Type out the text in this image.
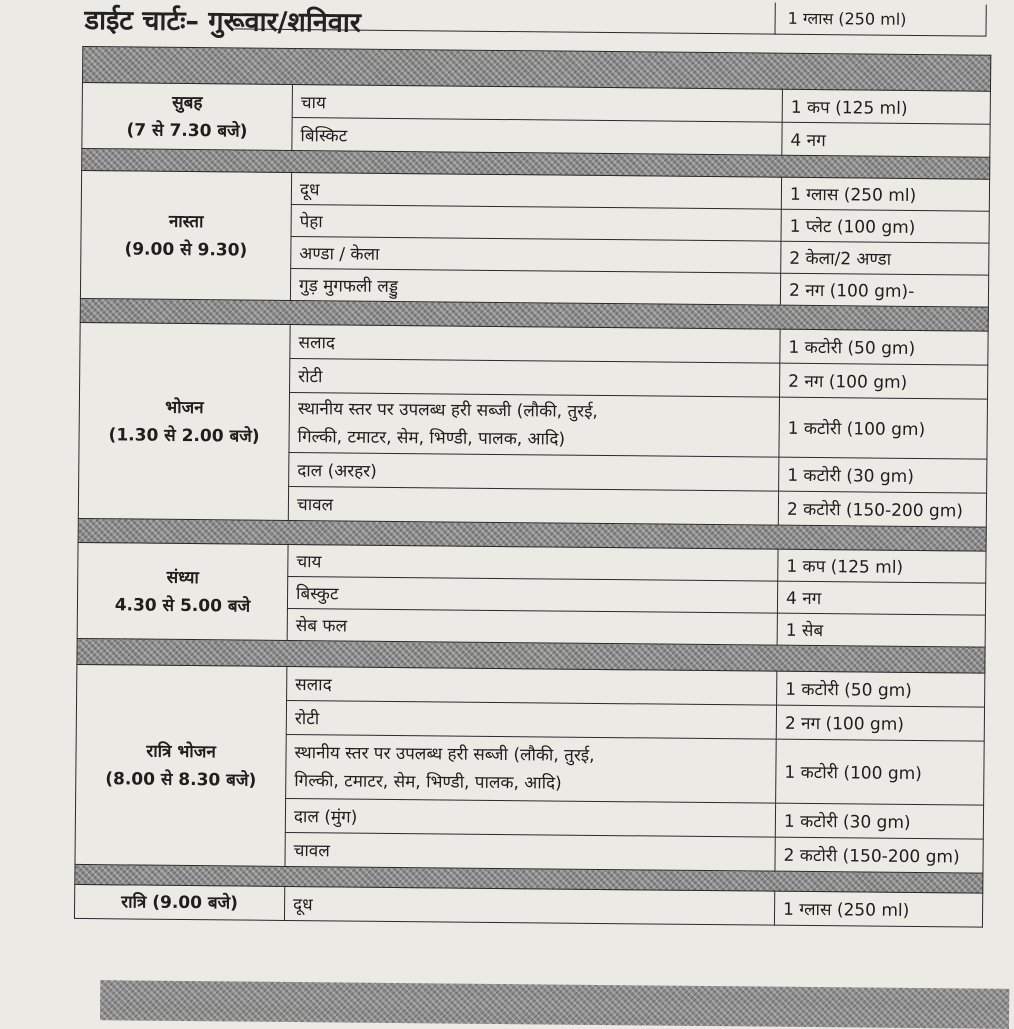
1 ग्लास (250 ml)
डाईट चार्टः– गुरूवार/शनिवार

सुबह
(7 से 7.30 बजे)	चाय	1 कप (125 ml)
	बिस्किट	4 नग

नास्ता
(9.00 से 9.30)	दूध	1 ग्लास (250 ml)
	पेहा	1 प्लेट (100 gm)
	अण्डा / केला	2 केला/2 अण्डा
	गुड़ मुगफली लड्डु	2 नग (100 gm)-

भोजन
(1.30 से 2.00 बजे)	सलाद	1 कटोरी (50 gm)
	रोटी	2 नग (100 gm)

	स्थानीय स्तर पर उपलब्ध हरी सब्जी (लौकी, तुरई,
गिल्की, टमाटर, सेम, भिण्डी, पालक, आदि)	1 कटोरी (100 gm)
	दाल (अरहर)	1 कटोरी (30 gm)
	चावल	2 कटोरी (150-200 gm)

संध्या
4.30 से 5.00 बजे	चाय	1 कप (125 ml)
	बिस्कुट	4 नग
	सेब फल	1 सेब

रात्रि भोजन
(8.00 से 8.30 बजे)	सलाद	1 कटोरी (50 gm)
	रोटी	2 नग (100 gm)

	स्थानीय स्तर पर उपलब्ध हरी सब्जी (लौकी, तुरई,
गिल्की, टमाटर, सेम, भिण्डी, पालक, आदि)	1 कटोरी (100 gm)
	दाल (मुंग)	1 कटोरी (30 gm)
	चावल	2 कटोरी (150-200 gm)

रात्रि (9.00 बजे)	दूध	1 ग्लास (250 ml)
